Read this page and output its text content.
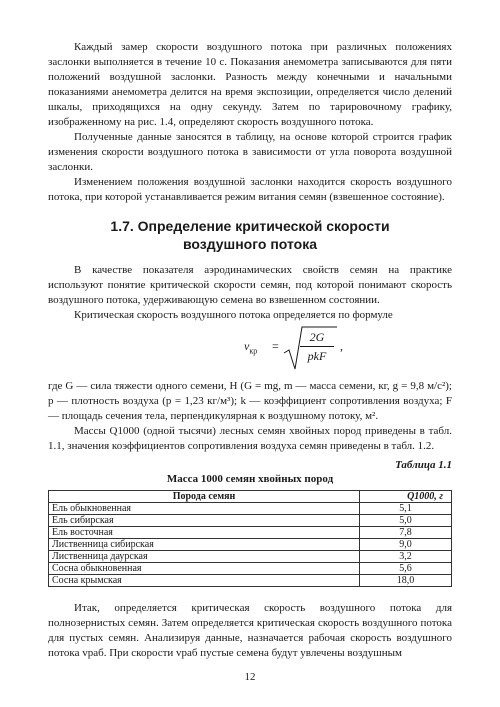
Каждый замер скорости воздушного потока при различных положениях заслонки выполняется в течение 10 с. Показания анемометра записываются для пяти положений воздушной заслонки. Разность между конечными и начальными показаниями анемометра делится на время экспозиции, определяется число делений шкалы, приходящихся на одну секунду. Затем по тарировочному графику, изображенному на рис. 1.4, определяют скорость воздушного потока.

Полученные данные заносятся в таблицу, на основе которой строится график изменения скорости воздушного потока в зависимости от угла поворота воздушной заслонки.

Изменением положения воздушной заслонки находится скорость воздушного потока, при которой устанавливается режим витания семян (взвешенное состояние).

1.7. Определение критической скорости
воздушного потока

В качестве показателя аэродинамических свойств семян на практике используют понятие критической скорости семян, под которой понимают скорость воздушного потока, удерживающую семена во взвешенном состоянии.

Критическая скорость воздушного потока определяется по формуле

$v_{кр}$ =
2G
pkF
,

где G — сила тяжести одного семени, Н (G = mg, m — масса семени, кг, g = 9,8 м/с²); p — плотность воздуха (p = 1,23 кг/м³); k — коэффициент сопротивления воздуха; F — площадь сечения тела, перпендикулярная к воздушному потоку, м².

Массы Q1000 (одной тысячи) лесных семян хвойных пород приведены в табл. 1.1, значения коэффициентов сопротивления воздуха семян приведены в табл. 1.2.

Таблица 1.1
Масса 1000 семян хвойных пород
Порода семян	Q1000, г
Ель обыкновенная	5,1
Ель сибирская	5,0
Ель восточная	7,8
Лиственница сибирская	9,0
Лиственница даурская	3,2
Сосна обыкновенная	5,6
Сосна крымская	18,0

Итак, определяется критическая скорость воздушного потока для полнозернистых семян. Затем определяется критическая скорость воздушного потока для пустых семян. Анализируя данные, назначается рабочая скорость воздушного потока vраб. При скорости vраб пустые семена будут увлечены воздушным

12
